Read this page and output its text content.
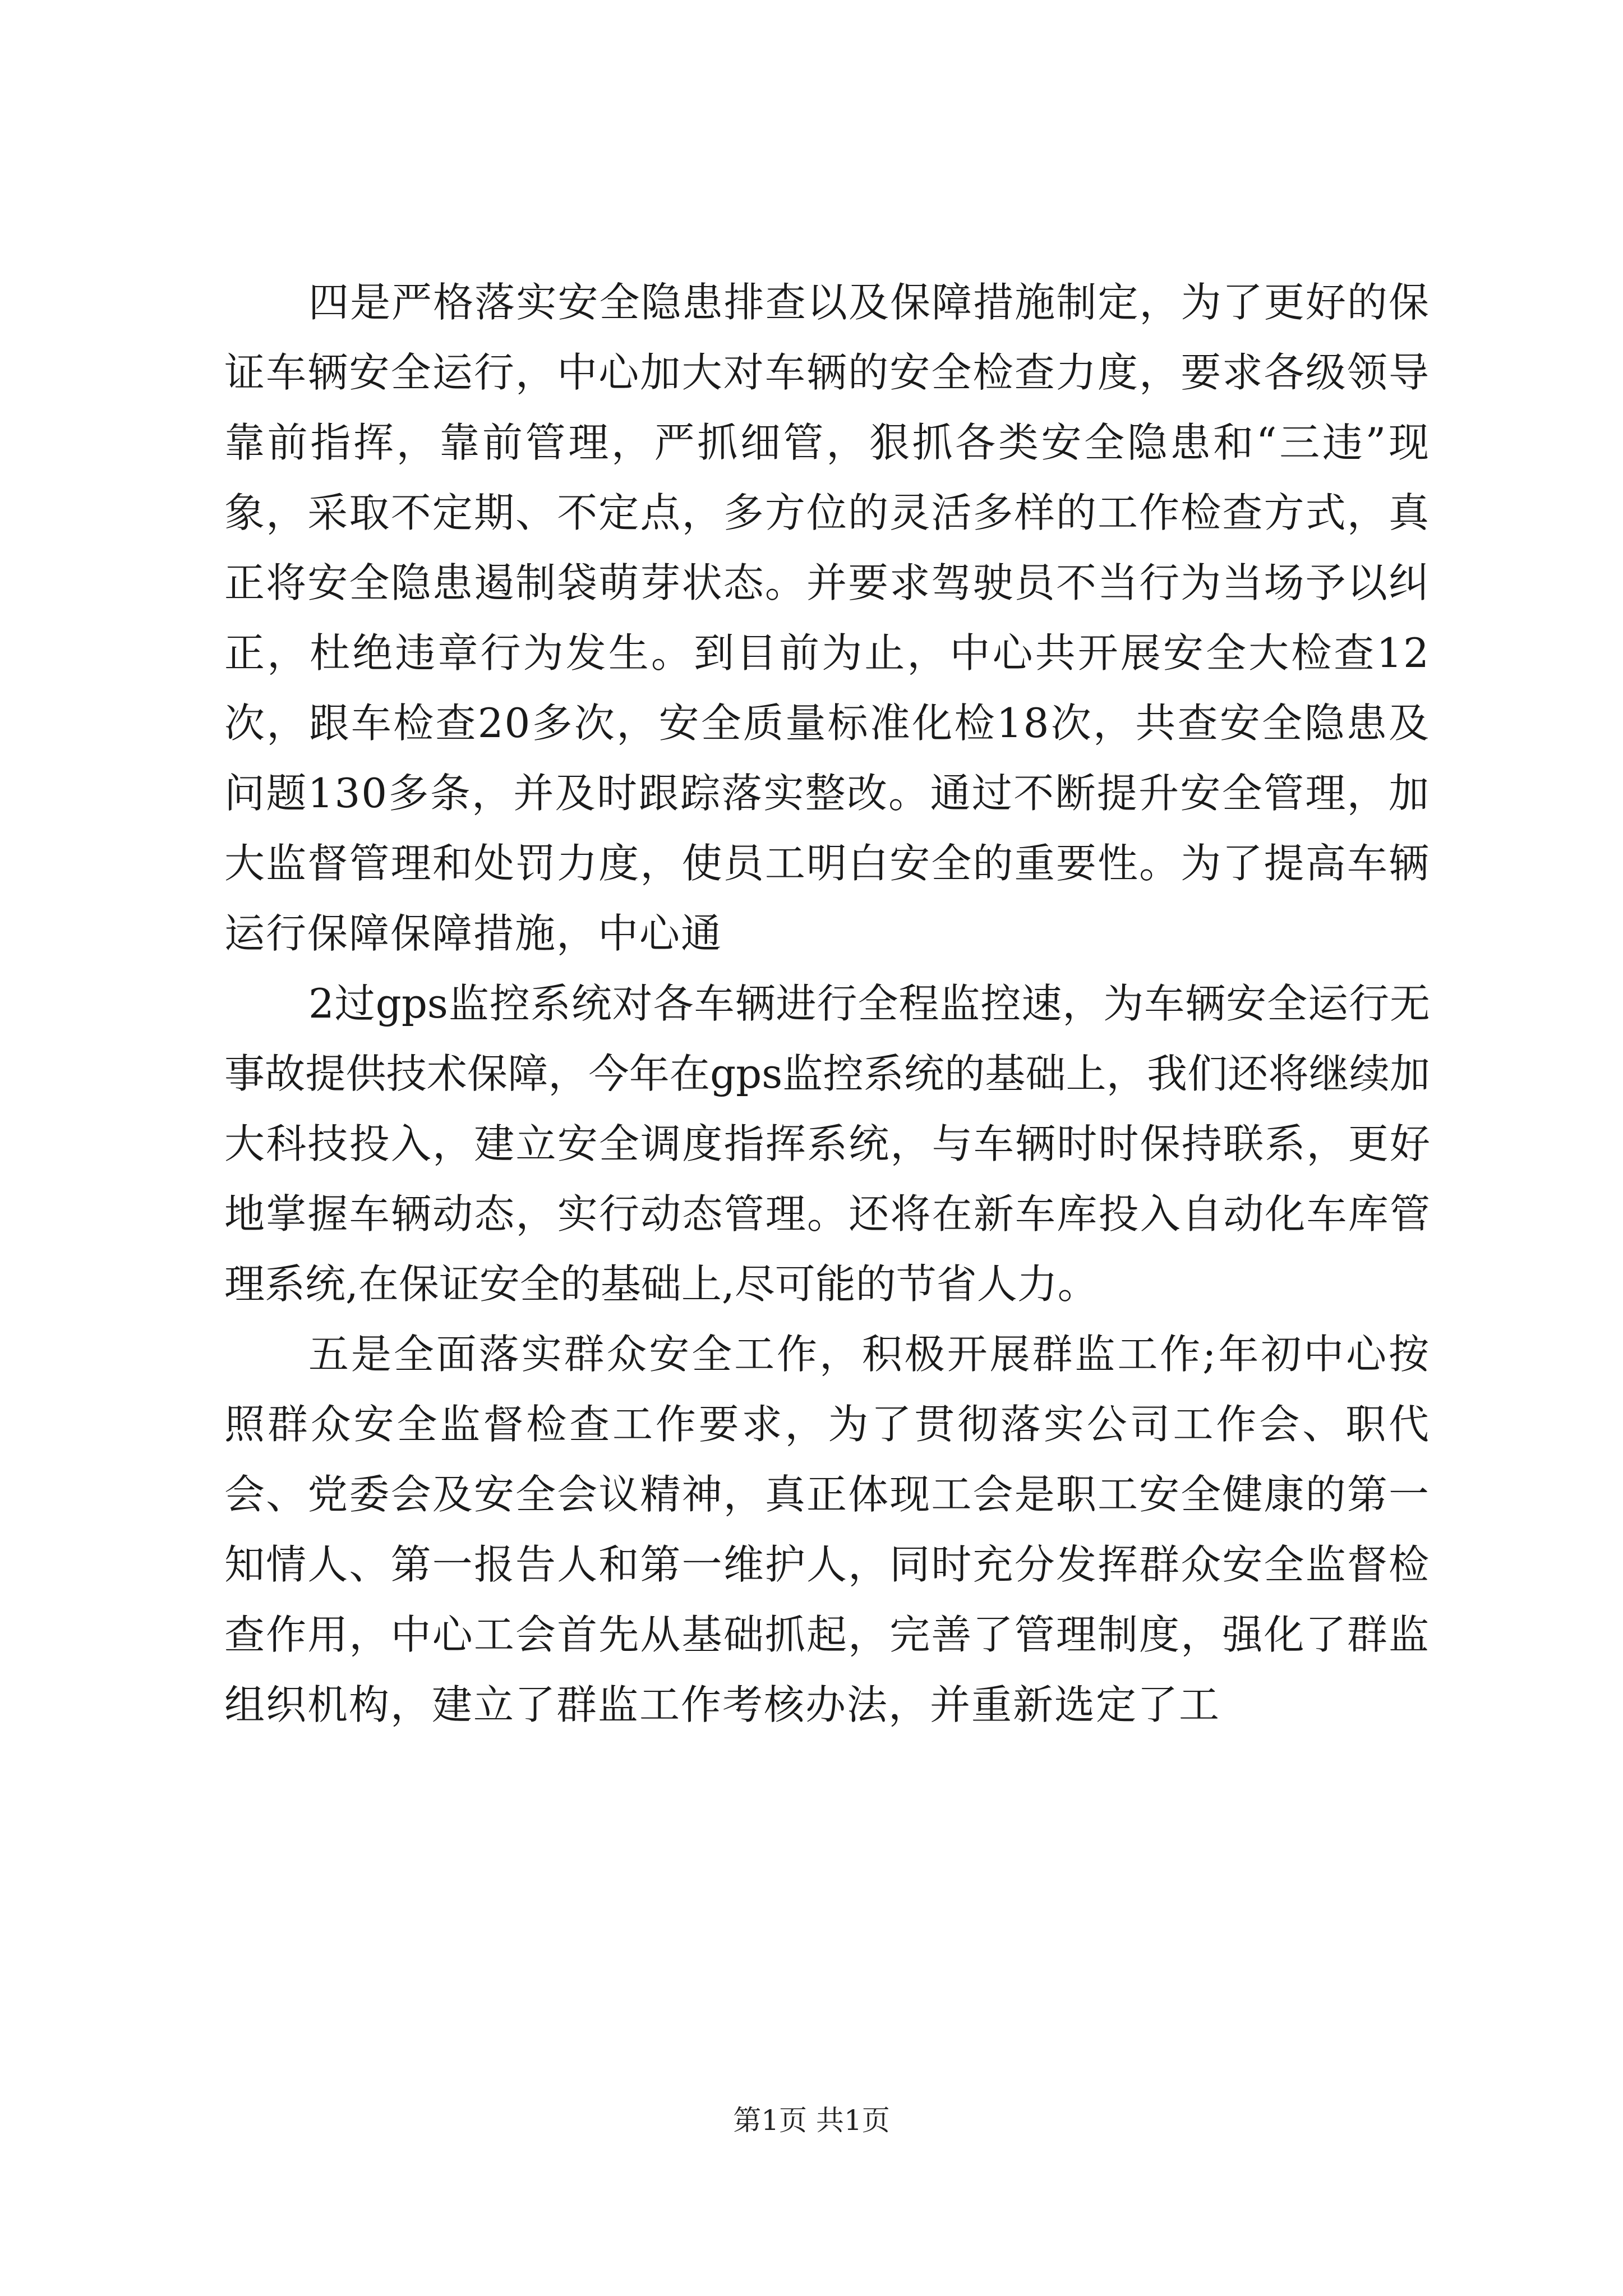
四是严格落实安全隐患排查以及保障措施制定，为了更好的保证车辆安全运行，中心加大对车辆的安全检查力度，要求各级领导靠前指挥，靠前管理，严抓细管，狠抓各类安全隐患和“三违”现象，采取不定期、不定点，多方位的灵活多样的工作检查方式，真正将安全隐患遏制袋萌芽状态。并要求驾驶员不当行为当场予以纠正，杜绝违章行为发生。到目前为止，中心共开展安全大检查12次，跟车检查20多次，安全质量标准化检18次，共查安全隐患及问题130多条，并及时跟踪落实整改。通过不断提升安全管理，加大监督管理和处罚力度，使员工明白安全的重要性。为了提高车辆运行保障保障措施，中心通

2过gps监控系统对各车辆进行全程监控速，为车辆安全运行无事故提供技术保障，今年在gps监控系统的基础上，我们还将继续加大科技投入，建立安全调度指挥系统，与车辆时时保持联系，更好地掌握车辆动态，实行动态管理。还将在新车库投入自动化车库管理系统,在保证安全的基础上,尽可能的节省人力。

五是全面落实群众安全工作，积极开展群监工作;年初中心按照群众安全监督检查工作要求，为了贯彻落实公司工作会、职代会、党委会及安全会议精神，真正体现工会是职工安全健康的第一知情人、第一报告人和第一维护人，同时充分发挥群众安全监督检查作用，中心工会首先从基础抓起，完善了管理制度，强化了群监组织机构，建立了群监工作考核办法，并重新选定了工

第1页 共1页
